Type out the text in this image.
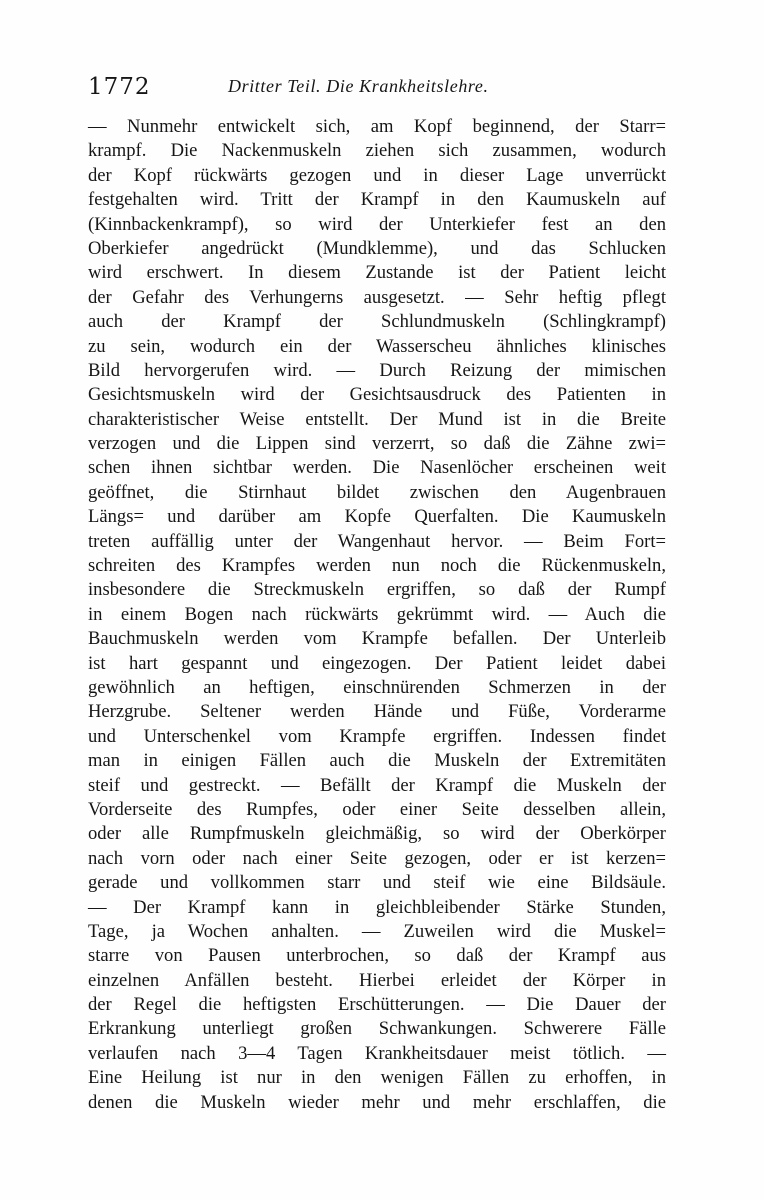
1772	Dritter Teil. Die Krankheitslehre.
— Nunmehr entwickelt sich, am Kopf beginnend, der Starr=
krampf. Die Nackenmuskeln ziehen sich zusammen, wodurch
der Kopf rückwärts gezogen und in dieser Lage unverrückt
festgehalten wird. Tritt der Krampf in den Kaumuskeln auf
(Kinnbackenkrampf), so wird der Unterkiefer fest an den
Oberkiefer angedrückt (Mundklemme), und das Schlucken
wird erschwert. In diesem Zustande ist der Patient leicht
der Gefahr des Verhungerns ausgesetzt. — Sehr heftig pflegt
auch der Krampf der Schlundmuskeln (Schlingkrampf)
zu sein, wodurch ein der Wasserscheu ähnliches klinisches
Bild hervorgerufen wird. — Durch Reizung der mimischen
Gesichtsmuskeln wird der Gesichtsausdruck des Patienten in
charakteristischer Weise entstellt. Der Mund ist in die Breite
verzogen und die Lippen sind verzerrt, so daß die Zähne zwi=
schen ihnen sichtbar werden. Die Nasenlöcher erscheinen weit
geöffnet, die Stirnhaut bildet zwischen den Augenbrauen
Längs= und darüber am Kopfe Querfalten. Die Kaumuskeln
treten auffällig unter der Wangenhaut hervor. — Beim Fort=
schreiten des Krampfes werden nun noch die Rückenmuskeln,
insbesondere die Streckmuskeln ergriffen, so daß der Rumpf
in einem Bogen nach rückwärts gekrümmt wird. — Auch die
Bauchmuskeln werden vom Krampfe befallen. Der Unterleib
ist hart gespannt und eingezogen. Der Patient leidet dabei
gewöhnlich an heftigen, einschnürenden Schmerzen in der
Herzgrube. Seltener werden Hände und Füße, Vorderarme
und Unterschenkel vom Krampfe ergriffen. Indessen findet
man in einigen Fällen auch die Muskeln der Extremitäten
steif und gestreckt. — Befällt der Krampf die Muskeln der
Vorderseite des Rumpfes, oder einer Seite desselben allein,
oder alle Rumpfmuskeln gleichmäßig, so wird der Oberkörper
nach vorn oder nach einer Seite gezogen, oder er ist kerzen=
gerade und vollkommen starr und steif wie eine Bildsäule.
— Der Krampf kann in gleichbleibender Stärke Stunden,
Tage, ja Wochen anhalten. — Zuweilen wird die Muskel=
starre von Pausen unterbrochen, so daß der Krampf aus
einzelnen Anfällen besteht. Hierbei erleidet der Körper in
der Regel die heftigsten Erschütterungen. — Die Dauer der
Erkrankung unterliegt großen Schwankungen. Schwerere Fälle
verlaufen nach 3—4 Tagen Krankheitsdauer meist tötlich. —
Eine Heilung ist nur in den wenigen Fällen zu erhoffen, in
denen die Muskeln wieder mehr und mehr erschlaffen, die
